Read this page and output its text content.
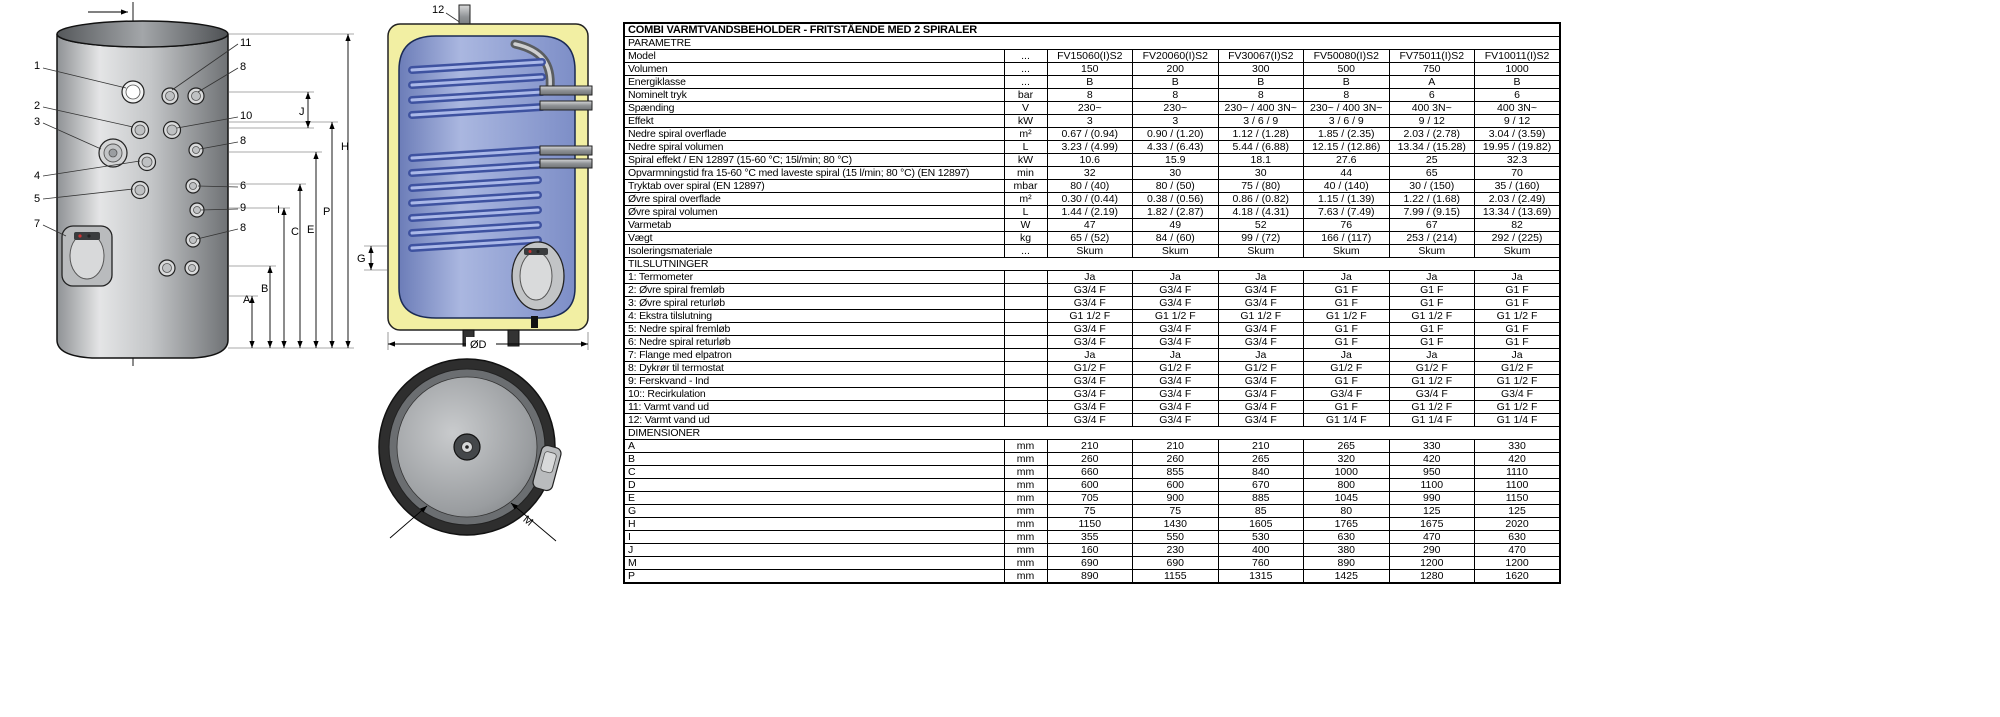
1
2
3
4
5
7
11
8
10
8
6
9
8
A
B
I
C E
P
J
H
12
G
ØD
M
COMBI VARMTVANDSBEHOLDER - FRITSTÅENDE MED 2 SPIRALER							
PARAMETRE							
Model	...	FV15060(I)S2	FV20060(I)S2	FV30067(I)S2	FV50080(I)S2	FV75011(I)S2	FV10011(I)S2
Volumen	...	150	200	300	500	750	1000
Energiklasse	...	B	B	B	B	A	B
Nominelt tryk	bar	8	8	8	8	6	6
Spænding	V	230~	230~	230~ / 400 3N~	230~ / 400 3N~	400 3N~	400 3N~
Effekt	kW	3	3	3 / 6 / 9	3 / 6 / 9	9 / 12	9 / 12
Nedre spiral overflade	m²	0.67 / (0.94)	0.90 / (1.20)	1.12 / (1.28)	1.85 / (2.35)	2.03 / (2.78)	3.04 / (3.59)
Nedre spiral volumen	L	3.23 / (4.99)	4.33 / (6.43)	5.44 / (6.88)	12.15 / (12.86)	13.34 / (15.28)	19.95 / (19.82)
Spiral effekt / EN 12897 (15-60 °C; 15l/min; 80 °C)	kW	10.6	15.9	18.1	27.6	25	32.3
Opvarmningstid fra 15-60 °C med laveste spiral (15 l/min; 80 °C) (EN 12897)	min	32	30	30	44	65	70
Tryktab over spiral (EN 12897)	mbar	80 / (40)	80 / (50)	75 / (80)	40 / (140)	30 / (150)	35 / (160)
Øvre spiral overflade	m²	0.30 / (0.44)	0.38 / (0.56)	0.86 / (0.82)	1.15 / (1.39)	1.22 / (1.68)	2.03 / (2.49)
Øvre spiral volumen	L	1.44 / (2.19)	1.82 / (2.87)	4.18 / (4.31)	7.63 / (7.49)	7.99 / (9.15)	13.34 / (13.69)
Varmetab	W	47	49	52	76	67	82
Vægt	kg	65 / (52)	84 / (60)	99 / (72)	166 / (117)	253 / (214)	292 / (225)
Isoleringsmateriale	...	Skum	Skum	Skum	Skum	Skum	Skum
TILSLUTNINGER							
1: Termometer		Ja	Ja	Ja	Ja	Ja	Ja
2: Øvre spiral fremløb		G3/4 F	G3/4 F	G3/4 F	G1 F	G1 F	G1 F
3: Øvre spiral returløb		G3/4 F	G3/4 F	G3/4 F	G1 F	G1 F	G1 F
4: Ekstra tilslutning		G1 1/2 F	G1 1/2 F	G1 1/2 F	G1 1/2 F	G1 1/2 F	G1 1/2 F
5: Nedre spiral fremløb		G3/4 F	G3/4 F	G3/4 F	G1 F	G1 F	G1 F
6: Nedre spiral returløb		G3/4 F	G3/4 F	G3/4 F	G1 F	G1 F	G1 F
7: Flange med elpatron		Ja	Ja	Ja	Ja	Ja	Ja
8: Dykrør til termostat		G1/2 F	G1/2 F	G1/2 F	G1/2 F	G1/2 F	G1/2 F
9: Ferskvand - Ind		G3/4 F	G3/4 F	G3/4 F	G1 F	G1 1/2 F	G1 1/2 F
10:: Recirkulation		G3/4 F	G3/4 F	G3/4 F	G3/4 F	G3/4 F	G3/4 F
11: Varmt vand ud		G3/4 F	G3/4 F	G3/4 F	G1 F	G1 1/2 F	G1 1/2 F
12: Varmt vand ud		G3/4 F	G3/4 F	G3/4 F	G1 1/4 F	G1 1/4 F	G1 1/4 F
DIMENSIONER							
A	mm	210	210	210	265	330	330
B	mm	260	260	265	320	420	420
C	mm	660	855	840	1000	950	1110
D	mm	600	600	670	800	1100	1100
E	mm	705	900	885	1045	990	1150
G	mm	75	75	85	80	125	125
H	mm	1150	1430	1605	1765	1675	2020
I	mm	355	550	530	630	470	630
J	mm	160	230	400	380	290	470
M	mm	690	690	760	890	1200	1200
P	mm	890	1155	1315	1425	1280	1620
